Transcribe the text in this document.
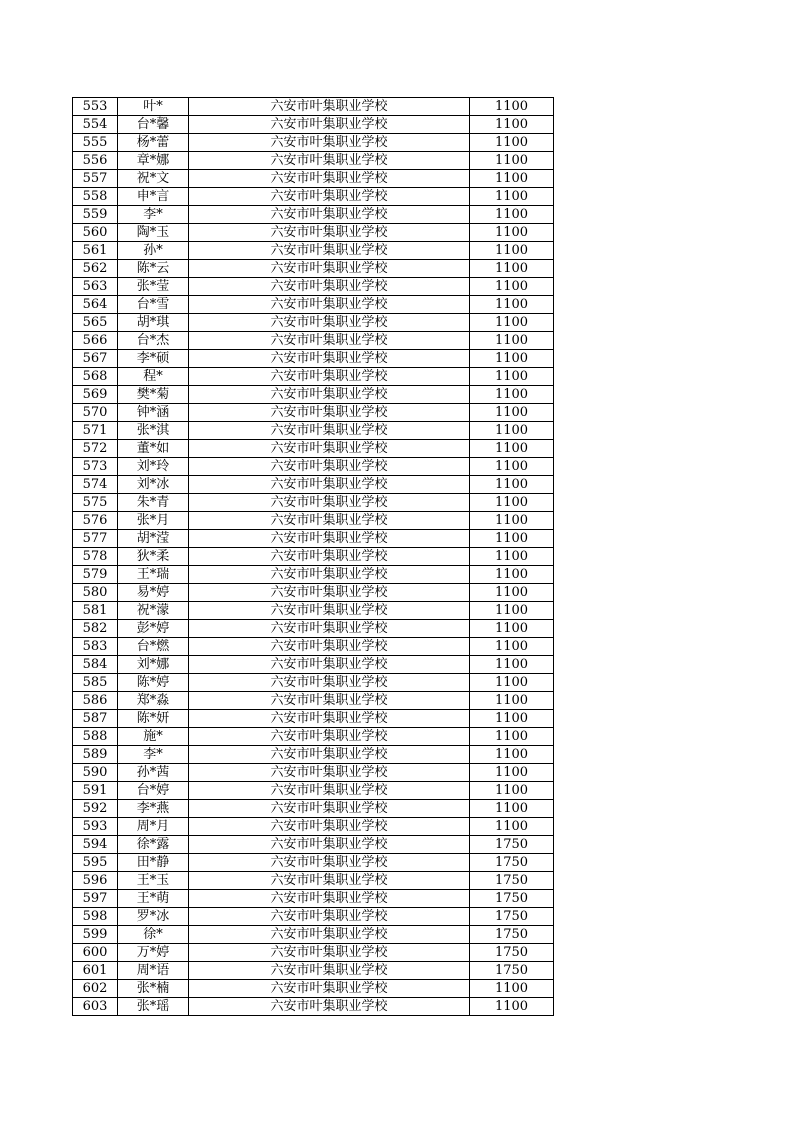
553	叶*	六安市叶集职业学校	1100
554	台*馨	六安市叶集职业学校	1100
555	杨*蕾	六安市叶集职业学校	1100
556	章*娜	六安市叶集职业学校	1100
557	祝*文	六安市叶集职业学校	1100
558	申*言	六安市叶集职业学校	1100
559	李*	六安市叶集职业学校	1100
560	陶*玉	六安市叶集职业学校	1100
561	孙*	六安市叶集职业学校	1100
562	陈*云	六安市叶集职业学校	1100
563	张*莹	六安市叶集职业学校	1100
564	台*雪	六安市叶集职业学校	1100
565	胡*琪	六安市叶集职业学校	1100
566	台*杰	六安市叶集职业学校	1100
567	李*硕	六安市叶集职业学校	1100
568	程*	六安市叶集职业学校	1100
569	樊*菊	六安市叶集职业学校	1100
570	钟*涵	六安市叶集职业学校	1100
571	张*淇	六安市叶集职业学校	1100
572	董*如	六安市叶集职业学校	1100
573	刘*玲	六安市叶集职业学校	1100
574	刘*冰	六安市叶集职业学校	1100
575	朱*青	六安市叶集职业学校	1100
576	张*月	六安市叶集职业学校	1100
577	胡*滢	六安市叶集职业学校	1100
578	狄*柔	六安市叶集职业学校	1100
579	王*瑞	六安市叶集职业学校	1100
580	易*婷	六安市叶集职业学校	1100
581	祝*濛	六安市叶集职业学校	1100
582	彭*婷	六安市叶集职业学校	1100
583	台*燃	六安市叶集职业学校	1100
584	刘*娜	六安市叶集职业学校	1100
585	陈*婷	六安市叶集职业学校	1100
586	郑*淼	六安市叶集职业学校	1100
587	陈*妍	六安市叶集职业学校	1100
588	施*	六安市叶集职业学校	1100
589	李*	六安市叶集职业学校	1100
590	孙*茜	六安市叶集职业学校	1100
591	台*婷	六安市叶集职业学校	1100
592	李*燕	六安市叶集职业学校	1100
593	周*月	六安市叶集职业学校	1100
594	徐*露	六安市叶集职业学校	1750
595	田*静	六安市叶集职业学校	1750
596	王*玉	六安市叶集职业学校	1750
597	王*萌	六安市叶集职业学校	1750
598	罗*冰	六安市叶集职业学校	1750
599	徐*	六安市叶集职业学校	1750
600	万*婷	六安市叶集职业学校	1750
601	周*语	六安市叶集职业学校	1750
602	张*楠	六安市叶集职业学校	1100
603	张*瑶	六安市叶集职业学校	1100
